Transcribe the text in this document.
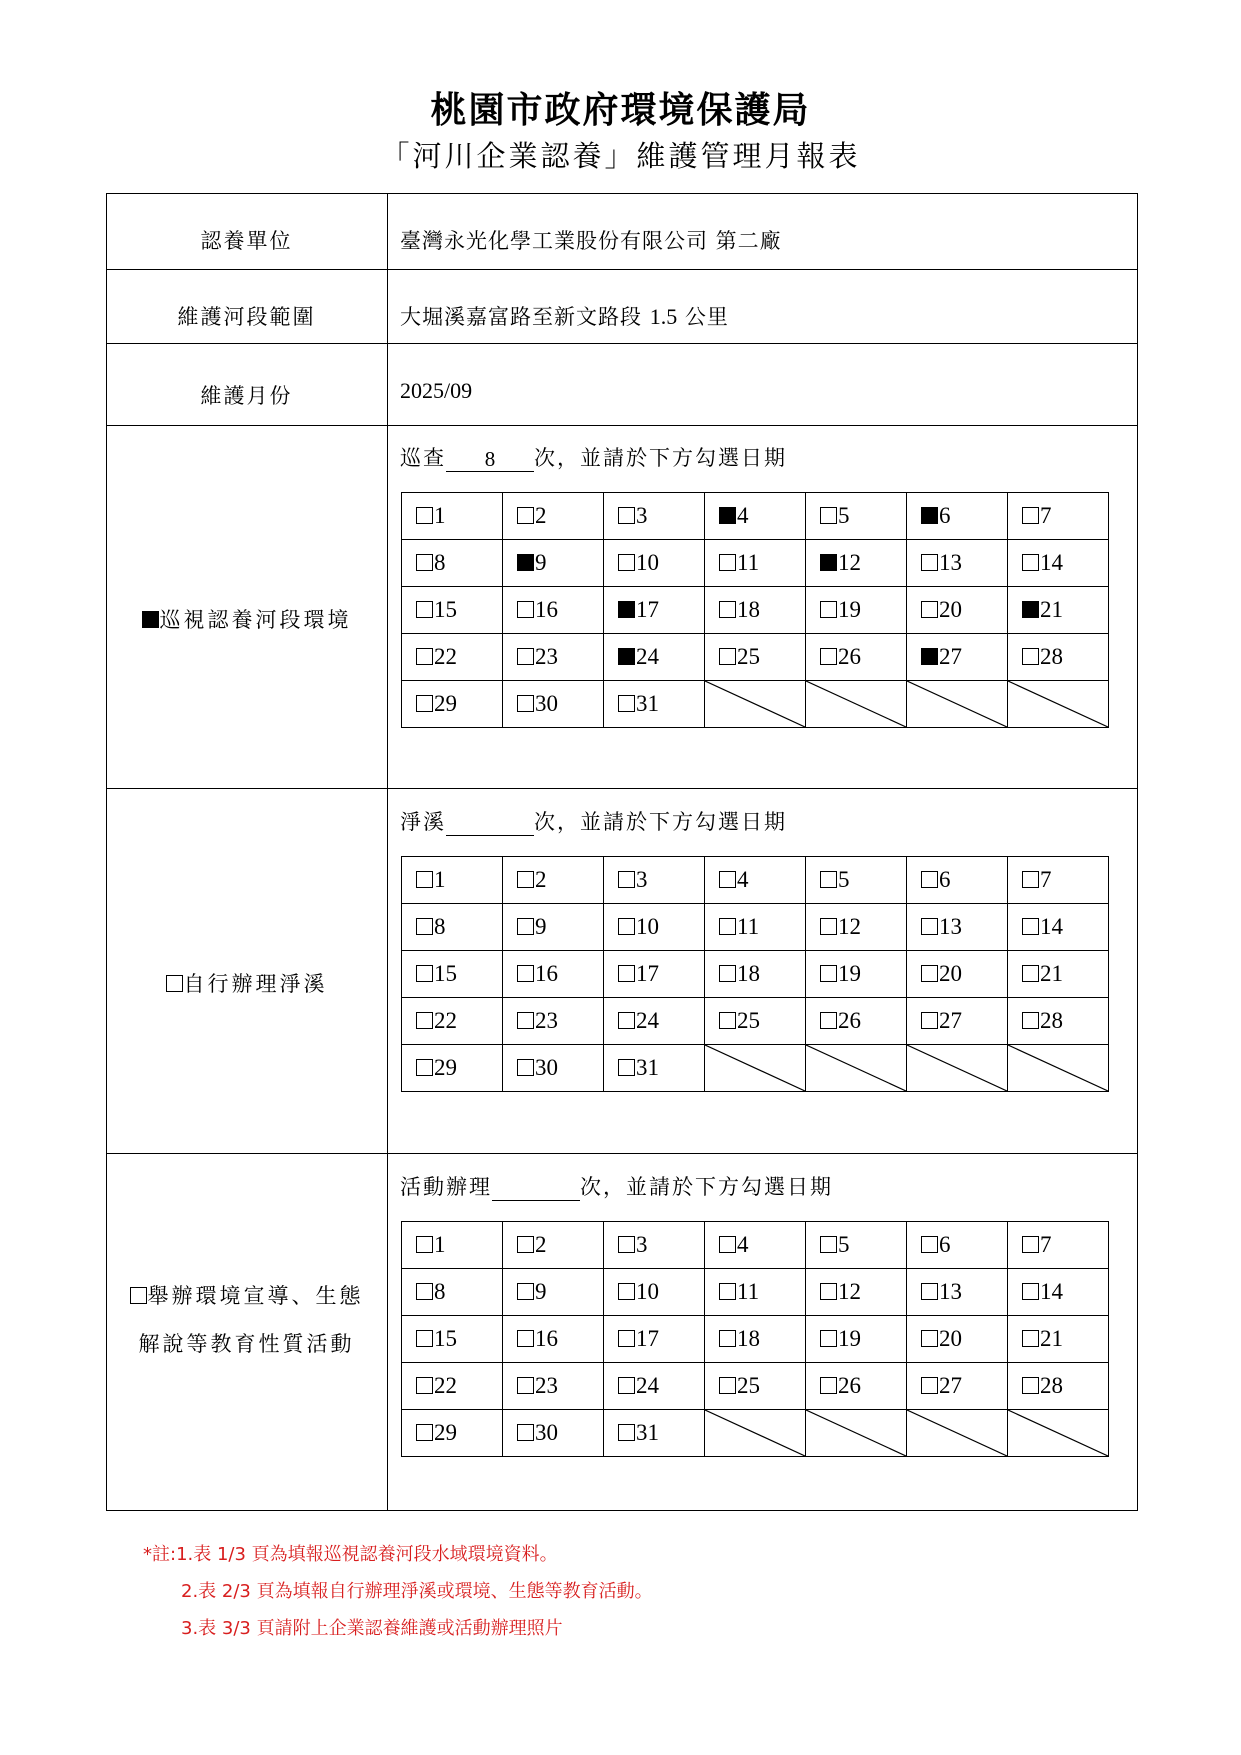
桃園市政府環境保護局
「河川企業認養」維護管理月報表
認養單位	臺灣永光化學工業股份有限公司 第二廠
維護河段範圍	大堀溪嘉富路至新文路段 1.5 公里
維護月份	2025/09
巡視認養河段環境
巡查 8 次，並請於下方勾選日期
1	2	3	4	5	6	7
8	9	10	11	12	13	14
15	16	17	18	19	20	21
22	23	24	25	26	27	28
29	30	31	

自行辦理淨溪
淨溪	次，並請於下方勾選日期
1	2	3	4	5	6	7
8	9	10	11	12	13	14
15	16	17	18	19	20	21
22	23	24	25	26	27	28
29	30	31	

舉辦環境宣導、生態
解說等教育性質活動
活動辦理	次，並請於下方勾選日期
1	2	3	4	5	6	7
8	9	10	11	12	13	14
15	16	17	18	19	20	21
22	23	24	25	26	27	28
29	30	31	

*註:1.表 1/3 頁為填報巡視認養河段水域環境資料。
2.表 2/3 頁為填報自行辦理淨溪或環境、生態等教育活動。
3.表 3/3 頁請附上企業認養維護或活動辦理照片
